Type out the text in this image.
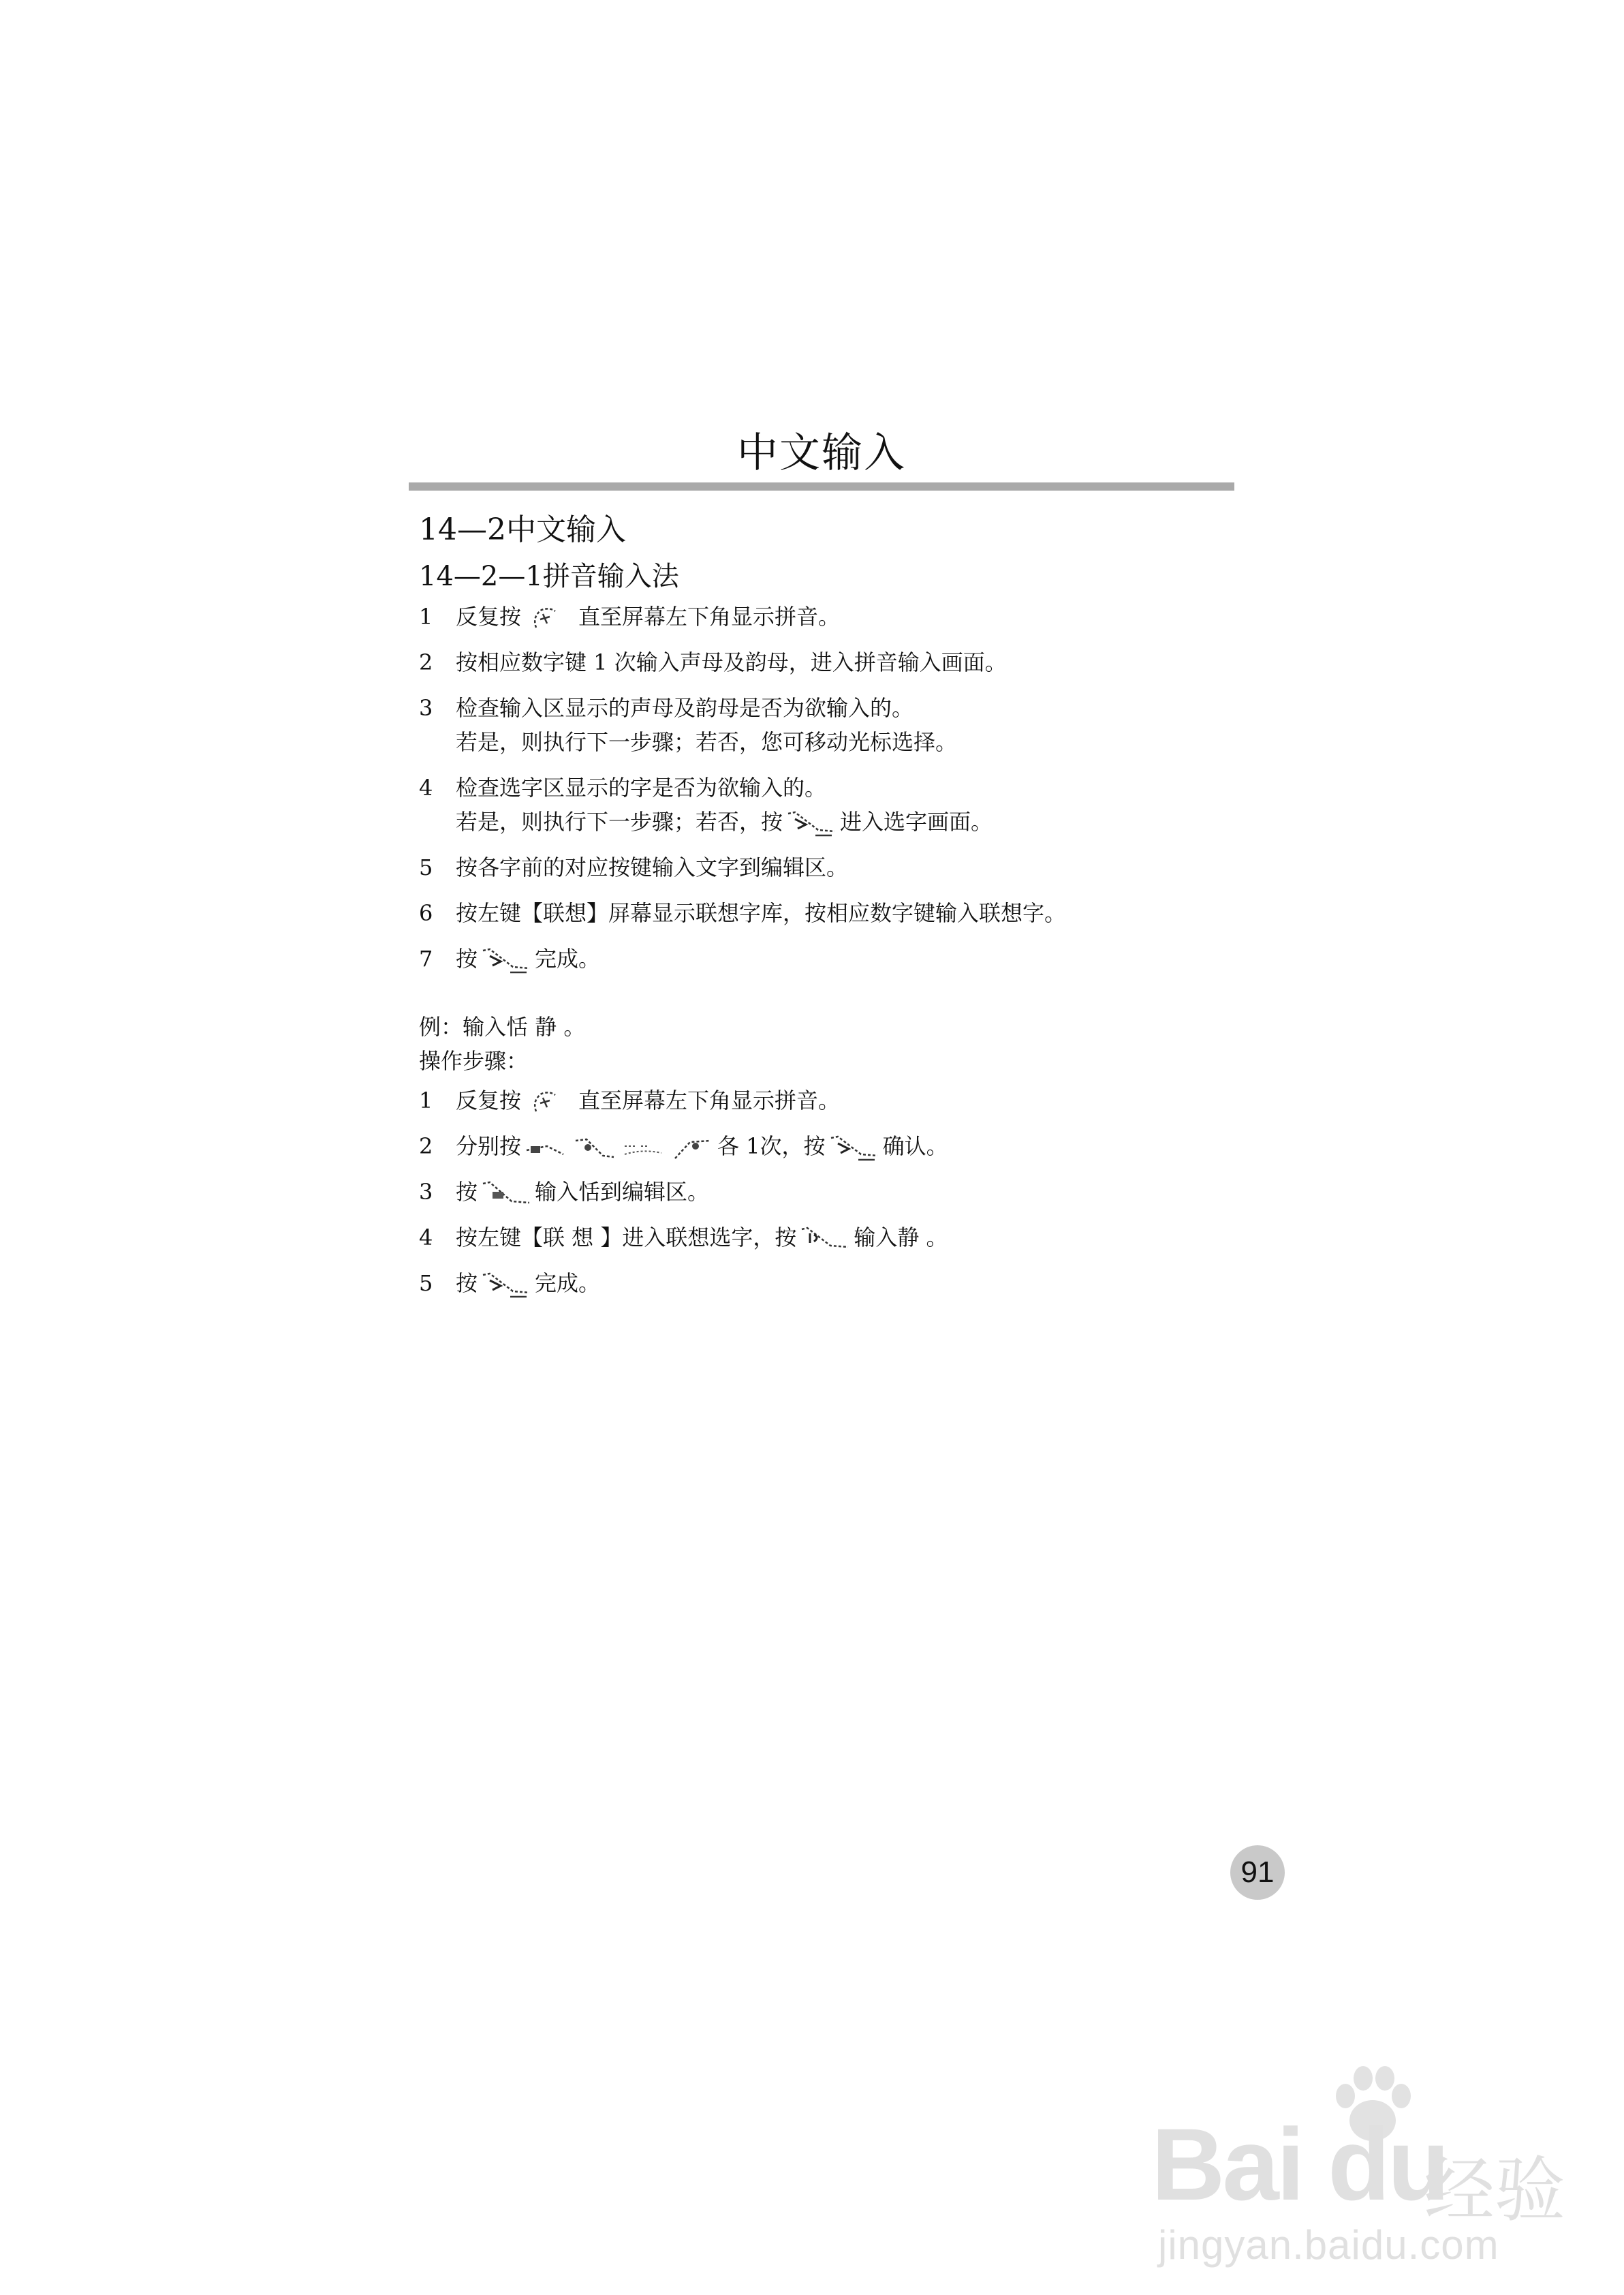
中文输入
14—2中文输入
14—2—1拼音输入法
1	反复按	直至屏幕左下角显示拼音。
2	按相应数字键 1 次输入声母及韵母，进入拼音输入画面。
3	检查输入区显示的声母及韵母是否为欲输入的。
若是，则执行下一步骤；若否，您可移动光标选择。
4	检查选字区显示的字是否为欲输入的。
若是，则执行下一步骤；若否，按	进入选字画面。
5	按各字前的对应按键输入文字到编辑区。
6	按左键【联想】屏幕显示联想字库，按相应数字键输入联想字。
7	按	完成。
例：输入恬 静 。
操作步骤：
1	反复按	直至屏幕左下角显示拼音。
2	分别按	各 1次，按	确认。
3	按	输入恬到编辑区。
4	按左键【联 想 】进入联想选字，按	输入静 。
5	按	完成。
91
Bai du
经验
jingyan.baidu.com
